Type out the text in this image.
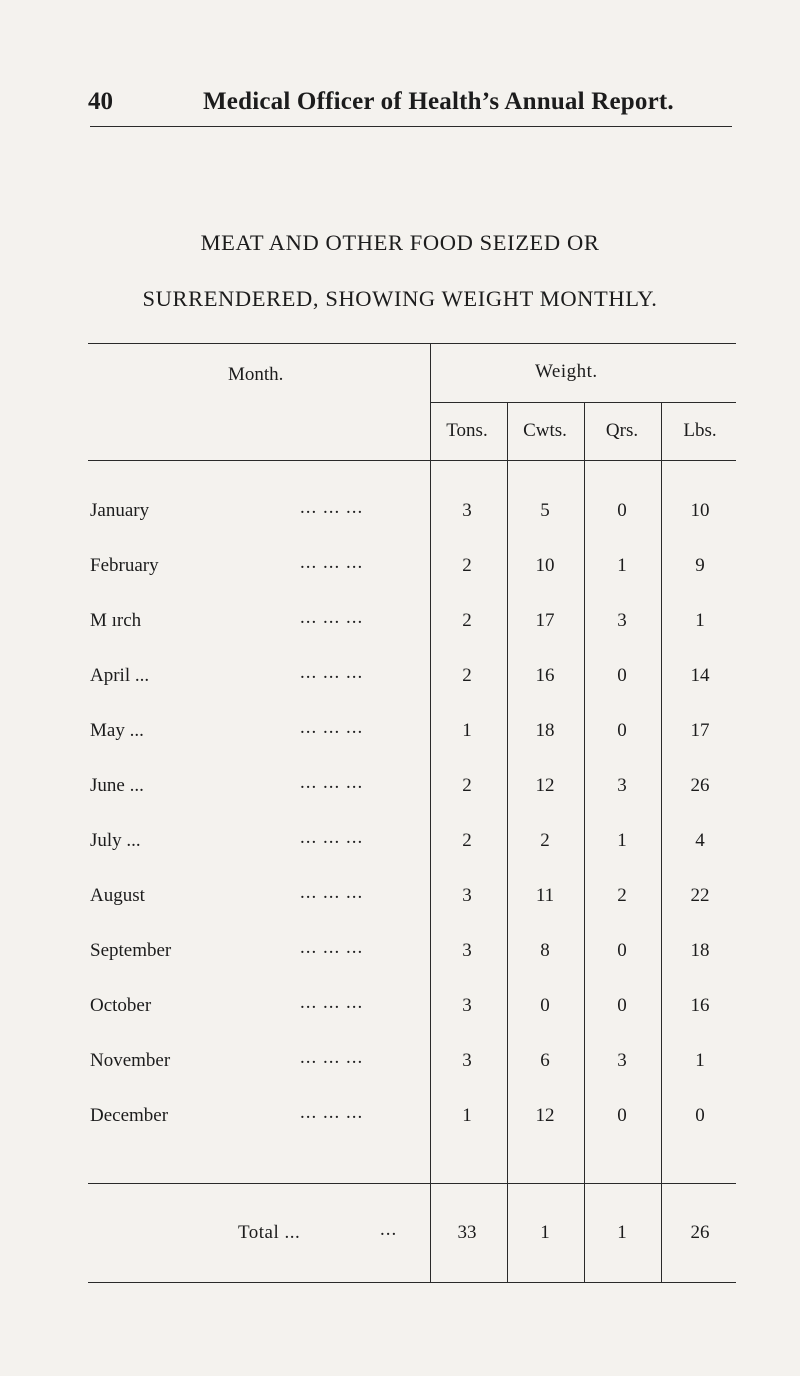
40	Medical Officer of Health’s Annual Report.
MEAT AND OTHER FOOD SEIZED OR
SURRENDERED, SHOWING WEIGHT MONTHLY.
Month.	Weight.
Tons.	Cwts.	Qrs.	Lbs.
January	... ... ...	3	5	0	10
February	... ... ...	2	10	1	9
M ırch	... ... ...	2	17	3	1
April ...	... ... ...	2	16	0	14
May ...	... ... ...	1	18	0	17
June ...	... ... ...	2	12	3	26
July ...	... ... ...	2	2	1	4
August	... ... ...	3	11	2	22
September	... ... ...	3	8	0	18
October	... ... ...	3	0	0	16
November	... ... ...	3	6	3	1
December	... ... ...	1	12	0	0
Total ...	...	33	1	1	26
